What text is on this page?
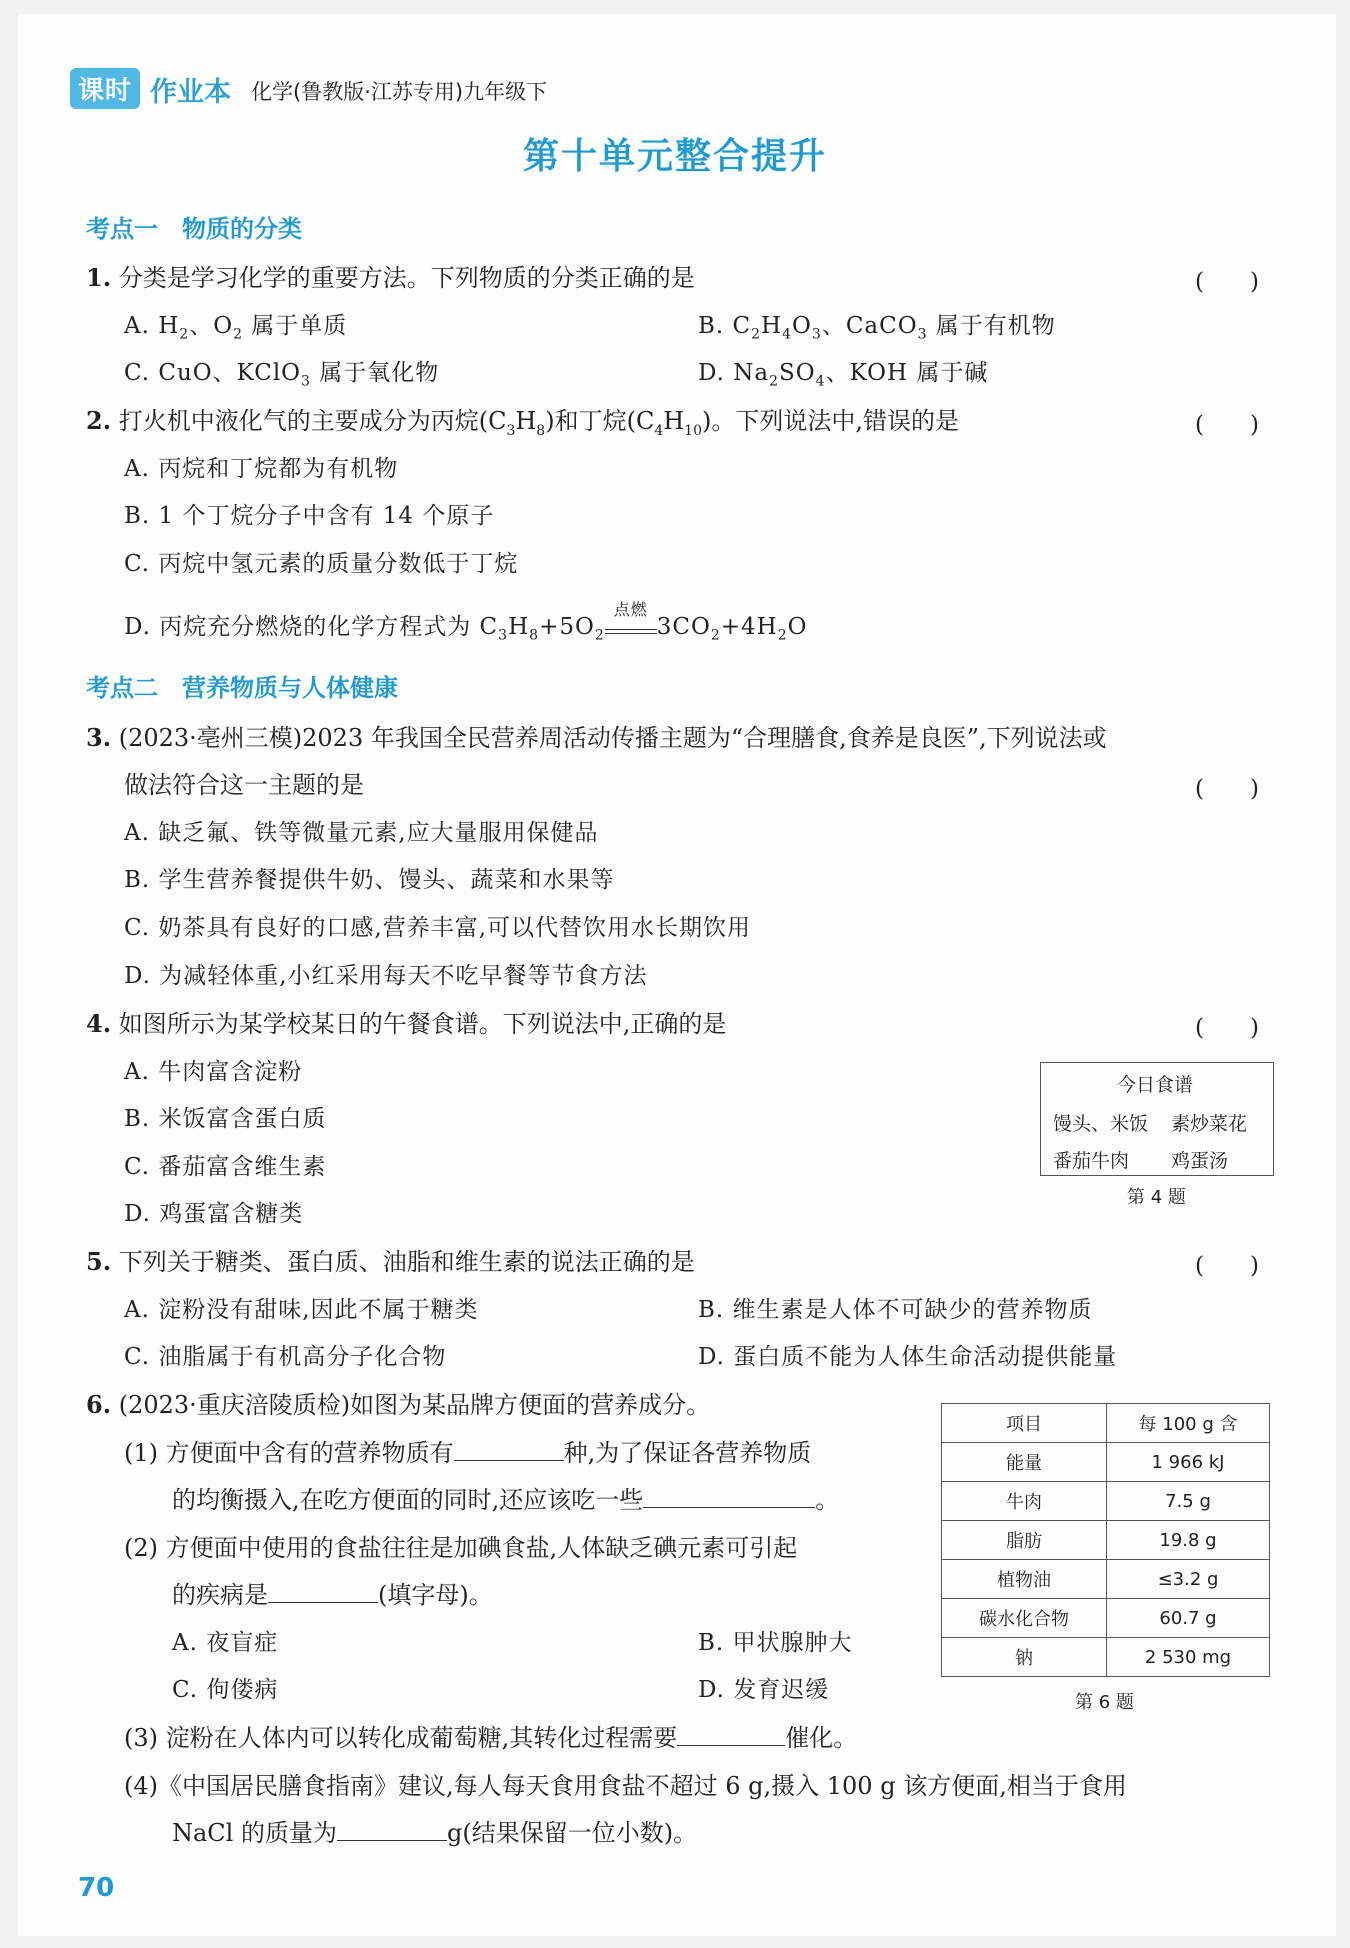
课时 作业本 化学(鲁教版·江苏专用)九年级下
第十单元整合提升
考点一　物质的分类
1. 分类是学习化学的重要方法。下列物质的分类正确的是	(　　)
A. $H_2$、$O_2$ 属于单质	B. $C_2H_4O_3$、CaCO$_3$ 属于有机物
C. CuO、KClO$_3$ 属于氧化物	D. $Na_2SO_4$、KOH 属于碱
2. 打火机中液化气的主要成分为丙烷$(C_3H_8)$和丁烷$(C_4H_{10})$。下列说法中,错误的是	(　　)
A. 丙烷和丁烷都为有机物
B. 1 个丁烷分子中含有 14 个原子
C. 丙烷中氢元素的质量分数低于丁烷
D. 丙烷充分燃烧的化学方程式为 $C_3H_8+5O_2$
点燃
$3CO_2+4H_2O$
考点二　营养物质与人体健康
3. (2023·亳州三模)2023 年我国全民营养周活动传播主题为“合理膳食,食养是良医”,下列说法或
做法符合这一主题的是	(　　)
A. 缺乏氟、铁等微量元素,应大量服用保健品
B. 学生营养餐提供牛奶、馒头、蔬菜和水果等
C. 奶茶具有良好的口感,营养丰富,可以代替饮用水长期饮用
D. 为减轻体重,小红采用每天不吃早餐等节食方法
4. 如图所示为某学校某日的午餐食谱。下列说法中,正确的是	(　　)
A. 牛肉富含淀粉
B. 米饭富含蛋白质
C. 番茄富含维生素
D. 鸡蛋富含糖类
今日食谱
馒头、米饭 素炒菜花
番茄牛肉 鸡蛋汤
第 4 题
5. 下列关于糖类、蛋白质、油脂和维生素的说法正确的是	(　　)
A. 淀粉没有甜味,因此不属于糖类	B. 维生素是人体不可缺少的营养物质
C. 油脂属于有机高分子化合物	D. 蛋白质不能为人体生命活动提供能量
6. (2023·重庆涪陵质检)如图为某品牌方便面的营养成分。
(1) 方便面中含有的营养物质有	种,为了保证各营养物质
的均衡摄入,在吃方便面的同时,还应该吃一些	。
(2) 方便面中使用的食盐往往是加碘食盐,人体缺乏碘元素可引起
的疾病是	(填字母)。
A. 夜盲症	B. 甲状腺肿大
C. 佝偻病	D. 发育迟缓
(3) 淀粉在人体内可以转化成葡萄糖,其转化过程需要	催化。
(4)《中国居民膳食指南》建议,每人每天食用食盐不超过 6 g,摄入 100 g 该方便面,相当于食用
NaCl 的质量为	g(结果保留一位小数)。
项目	每 100 g 含
能量	1 966 kJ
牛肉	7.5 g
脂肪	19.8 g
植物油	≤3.2 g
碳水化合物	60.7 g
钠	2 530 mg
第 6 题
70
